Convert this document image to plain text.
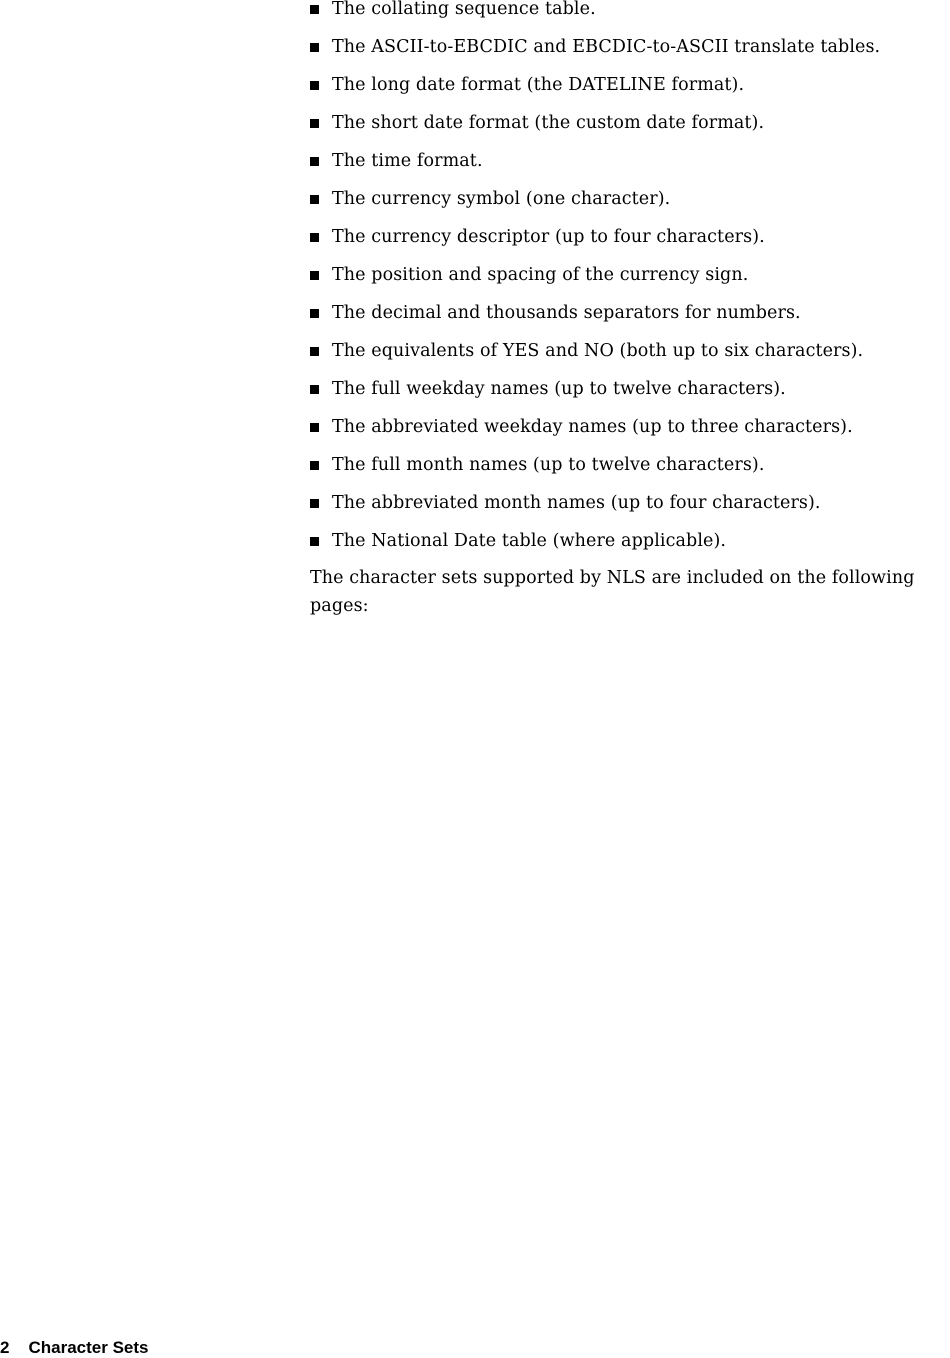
The collating sequence table.
The ASCII-to-EBCDIC and EBCDIC-to-ASCII translate tables.
The long date format (the DATELINE format).
The short date format (the custom date format).
The time format.
The currency symbol (one character).
The currency descriptor (up to four characters).
The position and spacing of the currency sign.
The decimal and thousands separators for numbers.
The equivalents of YES and NO (both up to six characters).
The full weekday names (up to twelve characters).
The abbreviated weekday names (up to three characters).
The full month names (up to twelve characters).
The abbreviated month names (up to four characters).
The National Date table (where applicable).

The character sets supported by NLS are included on the following pages:

2 Character Sets
